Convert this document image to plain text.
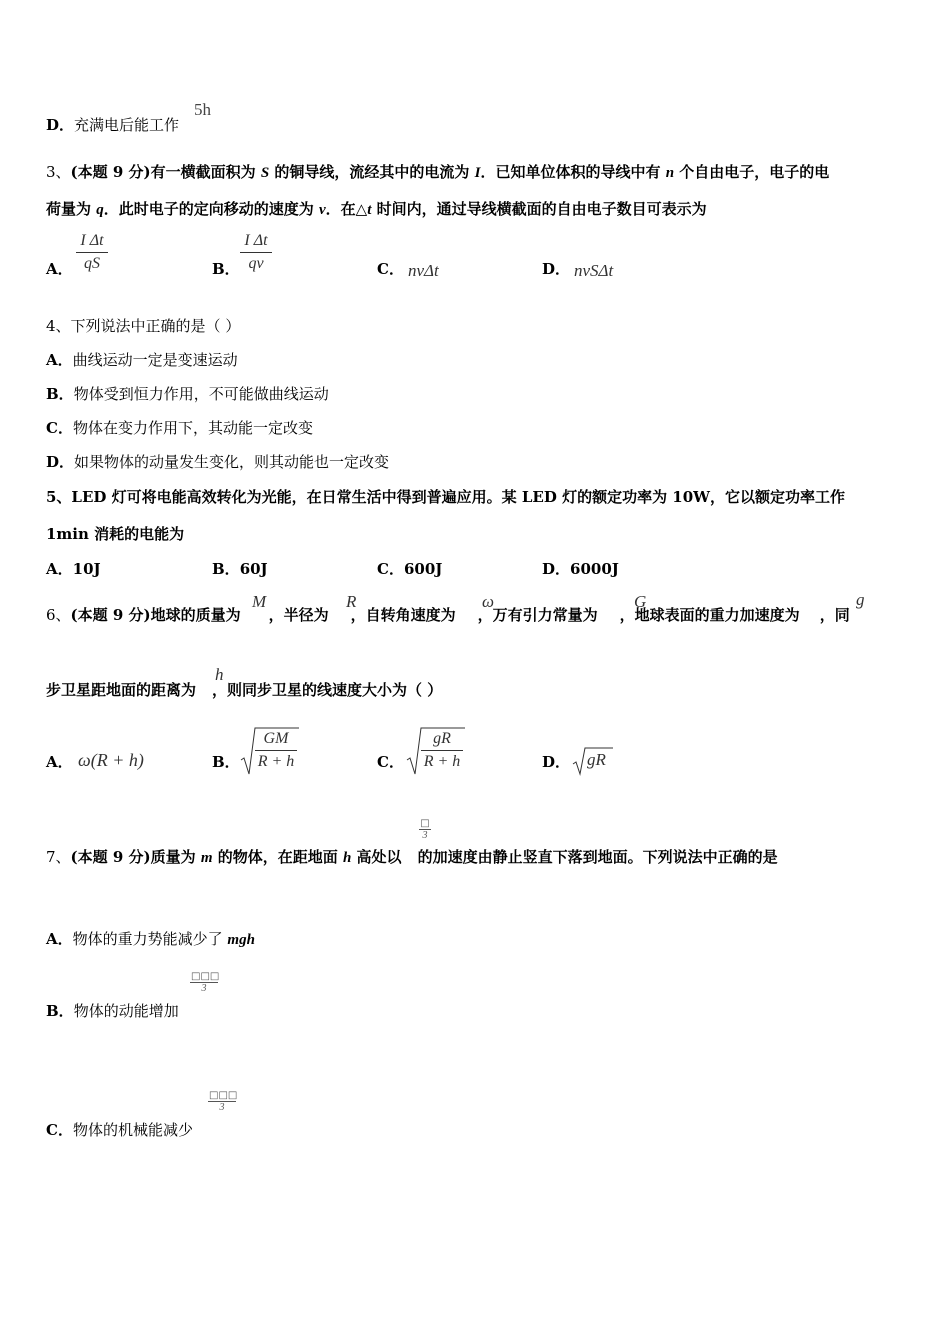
D．充满电后能工作
5h
3、(本题 9 分)有一横截面积为 S 的铜导线，流经其中的电流为 I．已知单位体积的导线中有 n 个自由电子，电子的电
荷量为 q．此时电子的定向移动的速度为 v．在△t 时间内，通过导线横截面的自由电子数目可表示为
A． $\frac{\text{I Δt}}{qS}$	B． $\frac{\text{I Δt}}{qv}$	C． nvΔt	D． nvSΔt
4、下列说法中正确的是（ ）
A．曲线运动一定是变速运动
B．物体受到恒力作用，不可能做曲线运动
C．物体在变力作用下，其动能一定改变
D．如果物体的动量发生变化，则其动能也一定改变
5、LED 灯可将电能高效转化为光能，在日常生活中得到普遍应用。某 LED 灯的额定功率为 10W，它以额定功率工作
1min 消耗的电能为
A．10J	B．60J	C．600J	D．6000J
6、(本题 9 分)地球的质量为 ，半径为 ，自转角速度为 ，万有引力常量为 ，地球表面的重力加速度为 ，同
M	R	ω	G	g
步卫星距地面的距离为 ，则同步卫星的线速度大小为（ ）
h
A． ω(R + h)	B． $\frac{GM}{R + h}$	C． $\frac{gR}{R + h}$	D． gR
7、(本题 9 分)质量为 m 的物体，在距地面 h 高处以 的加速度由静止竖直下落到地面。下列说法中正确的是
□
3
A．物体的重力势能减少了 mgh
B．物体的动能增加
□□□
3
C．物体的机械能减少
□□□
3
